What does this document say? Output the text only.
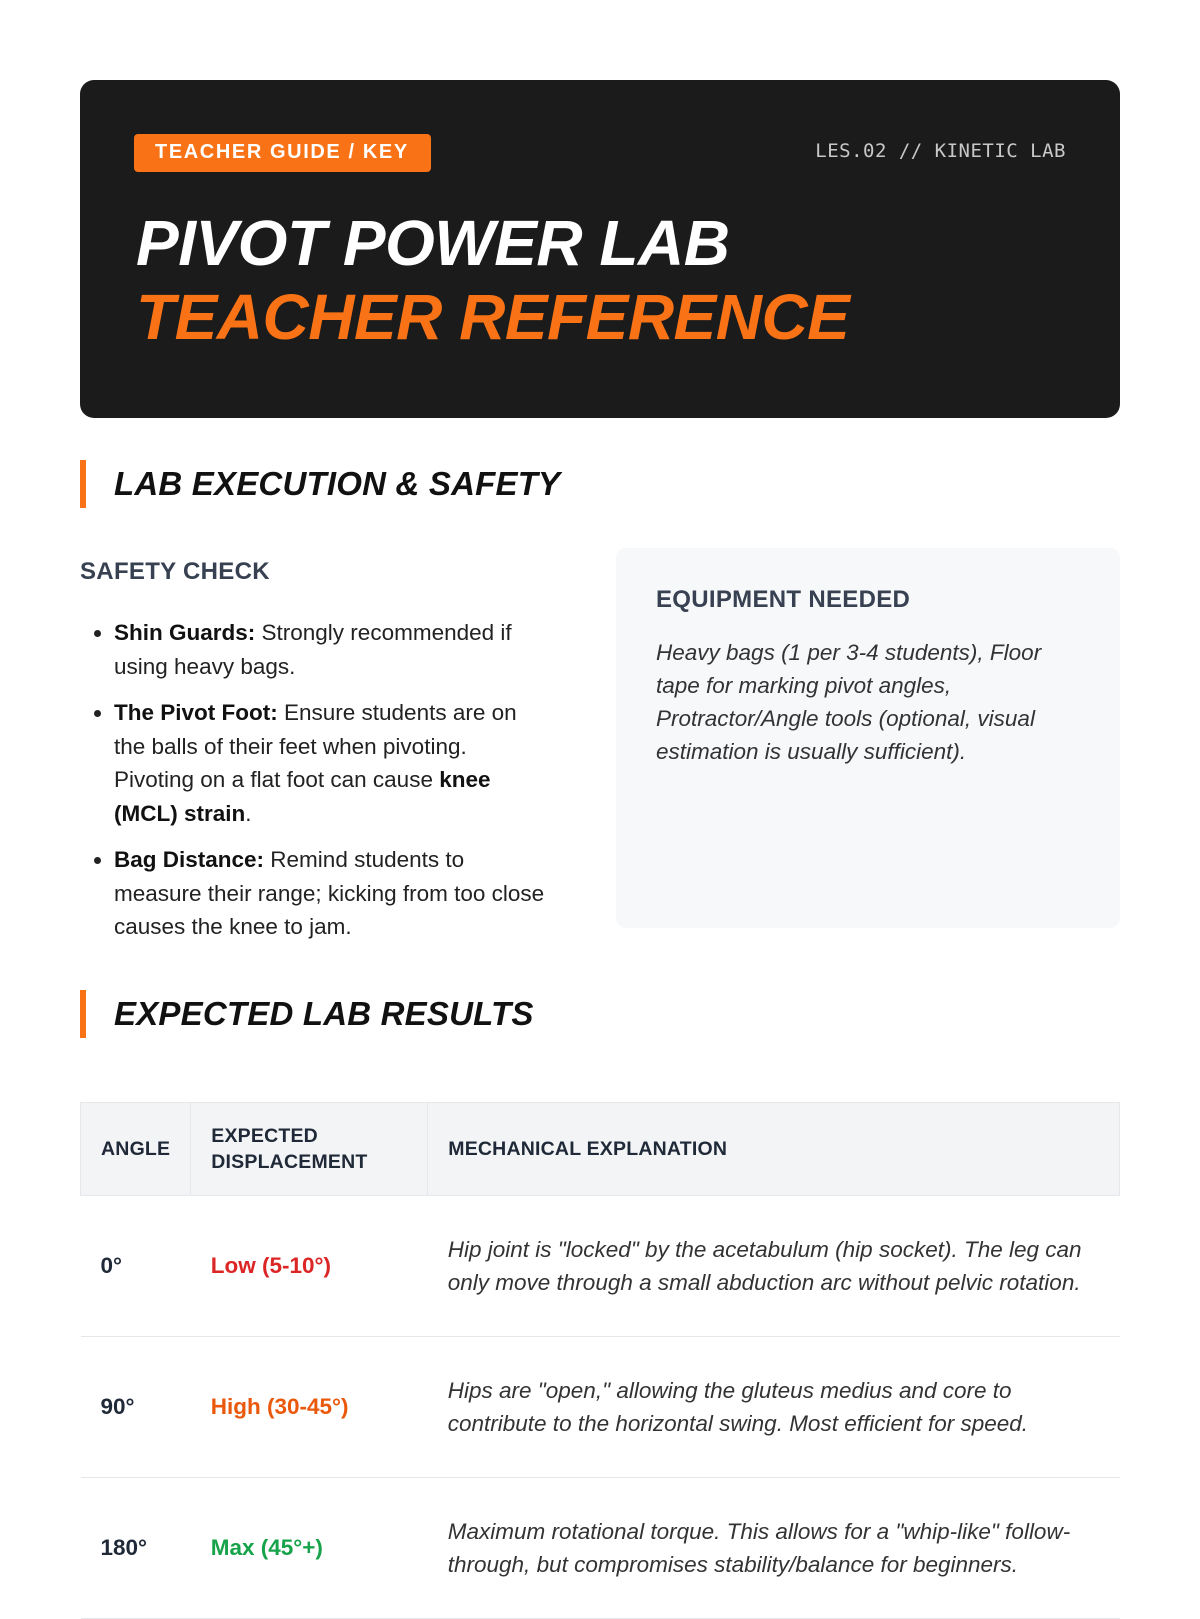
TEACHER GUIDE / KEY	LES.02 // KINETIC LAB
PIVOT POWER LAB
TEACHER REFERENCE
LAB EXECUTION & SAFETY
SAFETY CHECK
• Shin Guards: Strongly recommended if using heavy bags.
• The Pivot Foot: Ensure students are on the balls of their feet when pivoting. Pivoting on a flat foot can cause knee (MCL) strain.
• Bag Distance: Remind students to measure their range; kicking from too close causes the knee to jam.
EQUIPMENT NEEDED

Heavy bags (1 per 3-4 students), Floor tape for marking pivot angles, Protractor/Angle tools (optional, visual estimation is usually sufficient).

EXPECTED LAB RESULTS
ANGLE	EXPECTED DISPLACEMENT	MECHANICAL EXPLANATION
0°	Low (5-10°)	Hip joint is "locked" by the acetabulum (hip socket). The leg can only move through a small abduction arc without pelvic rotation.
90°	High (30-45°)	Hips are "open," allowing the gluteus medius and core to contribute to the horizontal swing. Most efficient for speed.
180°	Max (45°+)	Maximum rotational torque. This allows for a "whip-like" follow-through, but compromises stability/balance for beginners.
